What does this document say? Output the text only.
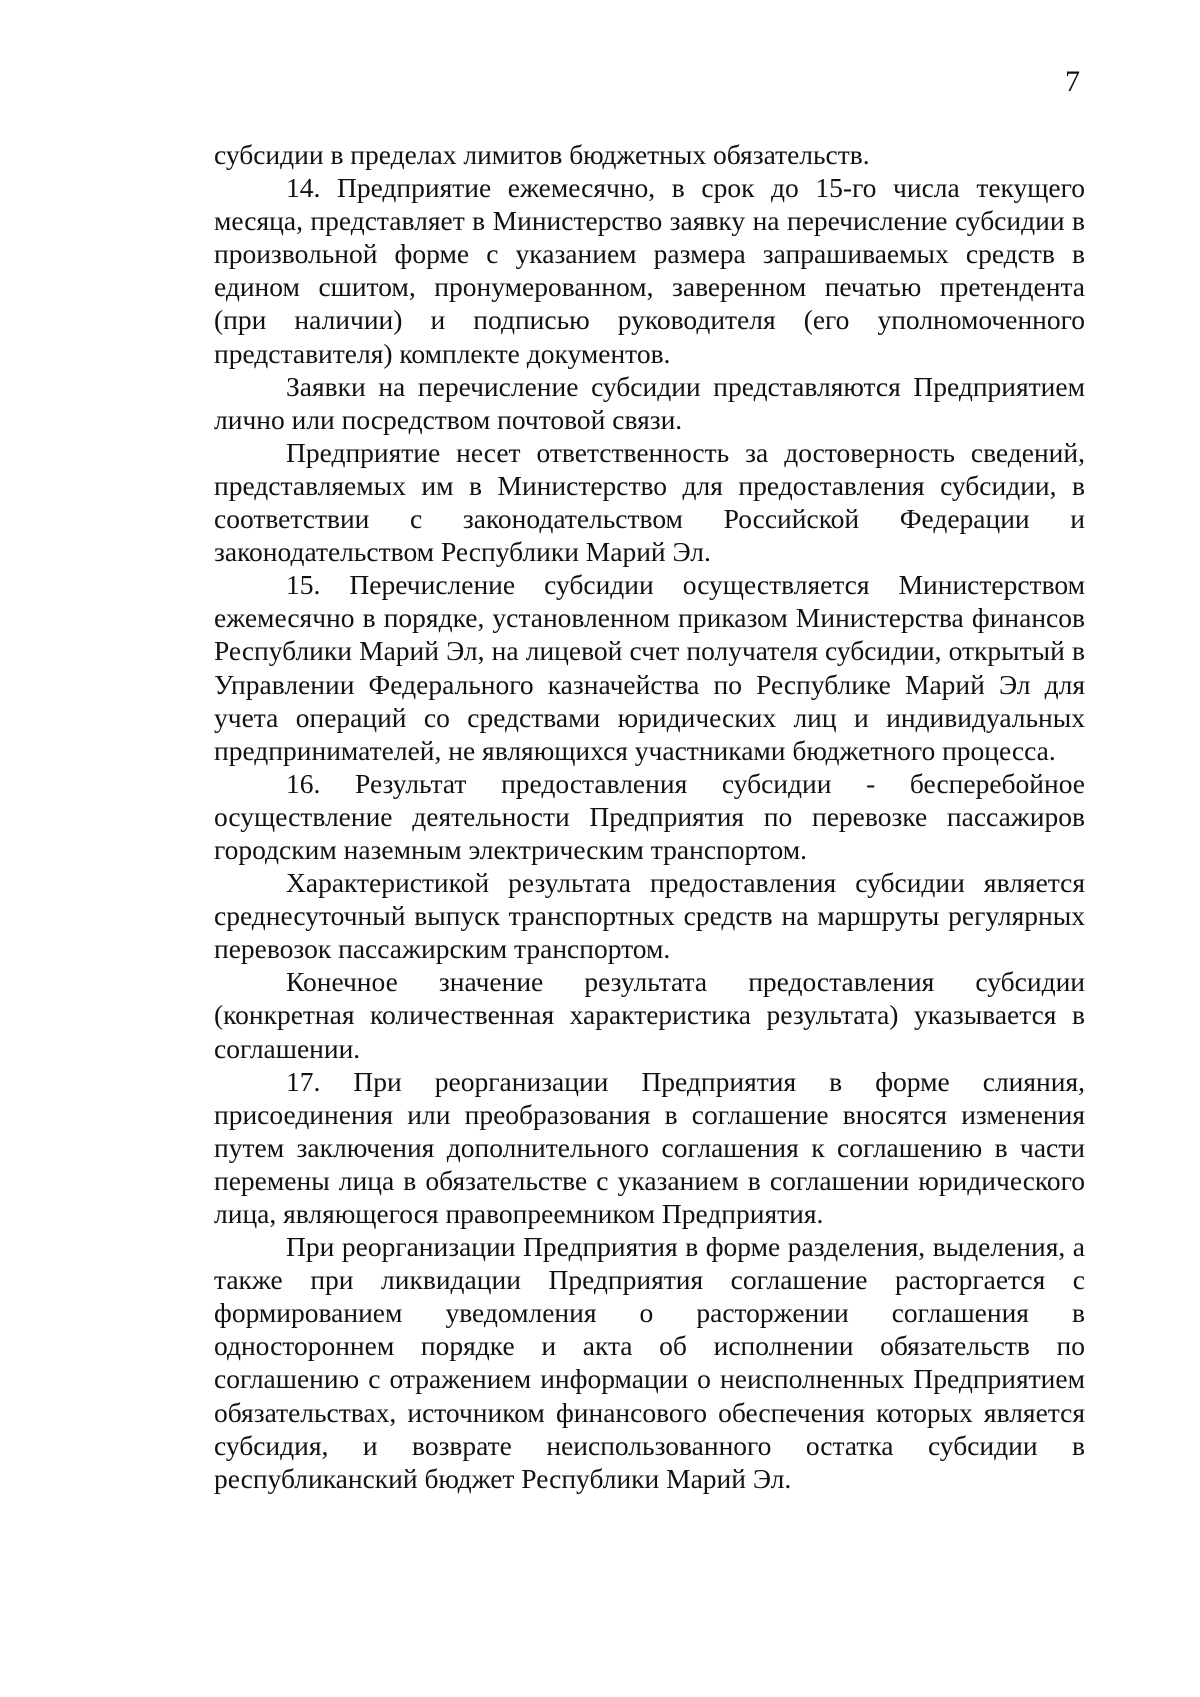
7

субсидии в пределах лимитов бюджетных обязательств.

14. Предприятие ежемесячно, в срок до 15-го числа текущего месяца, представляет в Министерство заявку на перечисление субсидии в произвольной форме с указанием размера запрашиваемых средств в едином сшитом, пронумерованном, заверенном печатью претендента (при наличии) и подписью руководителя (его уполномоченного представителя) комплекте документов.

Заявки на перечисление субсидии представляются Предприятием лично или посредством почтовой связи.

Предприятие несет ответственность за достоверность сведений, представляемых им в Министерство для предоставления субсидии, в соответствии с законодательством Российской Федерации и законодательством Республики Марий Эл.

15. Перечисление субсидии осуществляется Министерством ежемесячно в порядке, установленном приказом Министерства финансов Республики Марий Эл, на лицевой счет получателя субсидии, открытый в Управлении Федерального казначейства по Республике Марий Эл для учета операций со средствами юридических лиц и индивидуальных предпринимателей, не являющихся участниками бюджетного процесса.

16. Результат предоставления субсидии - бесперебойное осуществление деятельности Предприятия по перевозке пассажиров городским наземным электрическим транспортом.

Характеристикой результата предоставления субсидии является среднесуточный выпуск транспортных средств на маршруты регулярных перевозок пассажирским транспортом.

Конечное значение результата предоставления субсидии (конкретная количественная характеристика результата) указывается в соглашении.

17. При реорганизации Предприятия в форме слияния, присоединения или преобразования в соглашение вносятся изменения путем заключения дополнительного соглашения к соглашению в части перемены лица в обязательстве с указанием в соглашении юридического лица, являющегося правопреемником Предприятия.

При реорганизации Предприятия в форме разделения, выделения, а также при ликвидации Предприятия соглашение расторгается с формированием уведомления о расторжении соглашения в одностороннем порядке и акта об исполнении обязательств по соглашению с отражением информации о неисполненных Предприятием обязательствах, источником финансового обеспечения которых является субсидия, и возврате неиспользованного остатка субсидии в республиканский бюджет Республики Марий Эл.
